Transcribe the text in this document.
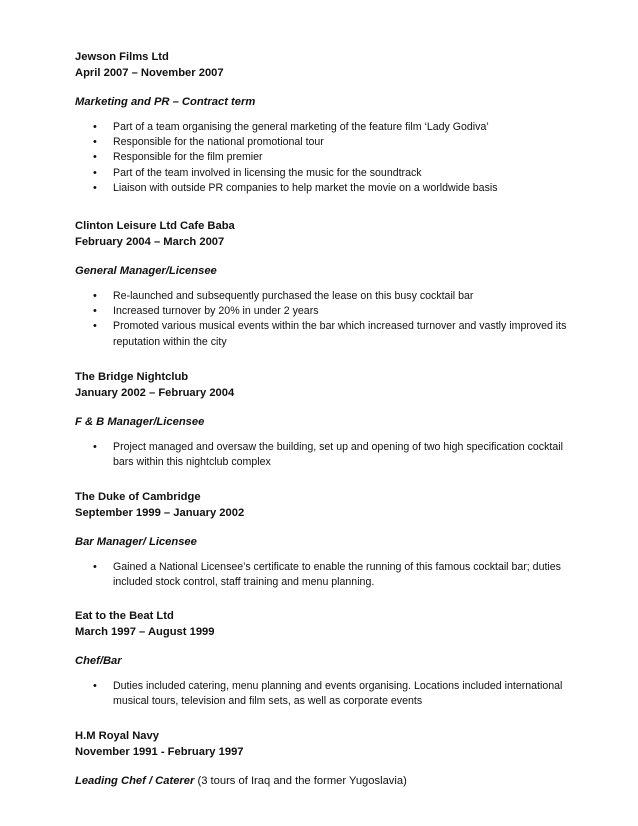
Jewson Films Ltd

April 2007 – November 2007

Marketing and PR – Contract term

• Part of a team organising the general marketing of the feature film ‘Lady Godiva’
• Responsible for the national promotional tour
• Responsible for the film premier
• Part of the team involved in licensing the music for the soundtrack
• Liaison with outside PR companies to help market the movie on a worldwide basis

Clinton Leisure Ltd Cafe Baba

February 2004 – March 2007

General Manager/Licensee

• Re-launched and subsequently purchased the lease on this busy cocktail bar
• Increased turnover by 20% in under 2 years
• Promoted various musical events within the bar which increased turnover and vastly improved its reputation within the city

The Bridge Nightclub

January 2002 – February 2004

F & B Manager/Licensee

• Project managed and oversaw the building, set up and opening of two high specification cocktail bars within this nightclub complex

The Duke of Cambridge

September 1999 – January 2002

Bar Manager/ Licensee

• Gained a National Licensee’s certificate to enable the running of this famous cocktail bar; duties included stock control, staff training and menu planning.

Eat to the Beat Ltd

March 1997 – August 1999

Chef/Bar

• Duties included catering, menu planning and events organising. Locations included international musical tours, television and film sets, as well as corporate events

H.M Royal Navy

November 1991 - February 1997

Leading Chef / Caterer (3 tours of Iraq and the former Yugoslavia)
